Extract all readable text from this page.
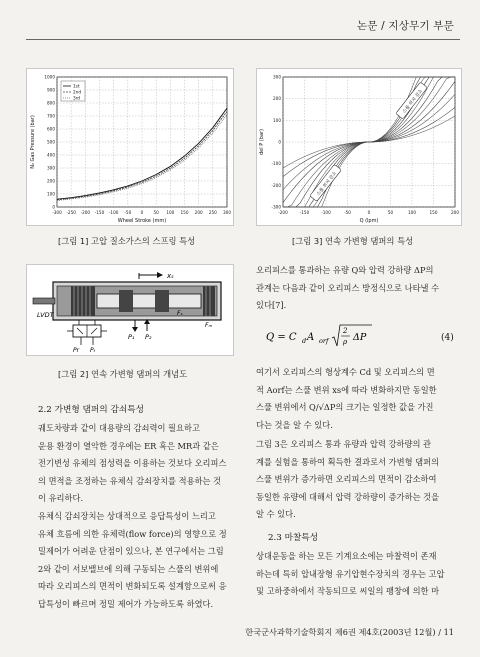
논문 / 지상무기 부문
-300 -250 -200 -150 -100 -50 0 50 100 150 200 250 300
0
100
200
300
400
500
600
700
800
900
1000
Wheel Stroke (mm)
N₂ Gas Pressure (bar)
1st
2nd
3rd
[그림 1] 고압 질소가스의 스프링 특성
-200	-150	-100	-50	0	50	100	150	200
-300
-200
-100
0
100
200
300
Q (lpm)
del P (bar)
스풀 위치 감소
스풀 위치 감소
[그림 3] 연속 가변형 댐퍼의 특성
xₛ
LVDT	Fₛ
Fₘ
P₁ P₂
Pr Pₜ
[그림 2] 연속 가변형 댐퍼의 개념도
2.2 가변형 댐퍼의 감쇠특성
궤도차량과 같이 대용량의 감쇠력이 필요하고
운용 환경이 열악한 경우에는 ER 혹은 MR과 같은
전기변성 유체의 점성력을 이용하는 것보다 오리피스
의 면적을 조정하는 유체식 감쇠장치를 적용하는 것
이 유리하다.
유체식 감쇠장치는 상대적으로 응답특성이 느리고
유체 흐름에 의한 유체력(flow force)의 영향으로 정
밀제어가 어려운 단점이 있으나, 본 연구에서는 그림
2와 같이 서보밸브에 의해 구동되는 스풀의 변위에
따라 오리피스의 면적이 변화되도록 설계함으로써 응
답특성이 빠르며 정밀 제어가 가능하도록 하였다.
오리피스를 통과하는 유량 Q와 압력 강하량 ΔP의
관계는 다음과 같이 오리피스 방정식으로 나타낼 수
있다[7].
Q = C d A orf
2
ρ ΔP	(4)
여기서 오리피스의 형상계수 Cd 및 오리피스의 면
적 Aorf는 스풀 변위 xs에 따라 변화하지만 동일한
스풀 변위에서 Q/√ΔP의 크기는 일정한 값을 가진
다는 것을 알 수 있다.
그림 3은 오리피스 통과 유량과 압력 강하량의 관
계를 실험을 통하여 획득한 결과로서 가변형 댐퍼의
스풀 변위가 증가하면 오리피스의 면적이 감소하여
동일한 유량에 대해서 압력 강하량이 증가하는 것을
알 수 있다.
2.3 마찰특성
상대운동을 하는 모든 기계요소에는 마찰력이 존재
하는데 특히 압내장형 유기압현수장치의 경우는 고압
및 고하중하에서 작동되므로 씨일의 팽창에 의한 마
한국군사과학기술학회지 제6권 제4호(2003년 12월) / 11
